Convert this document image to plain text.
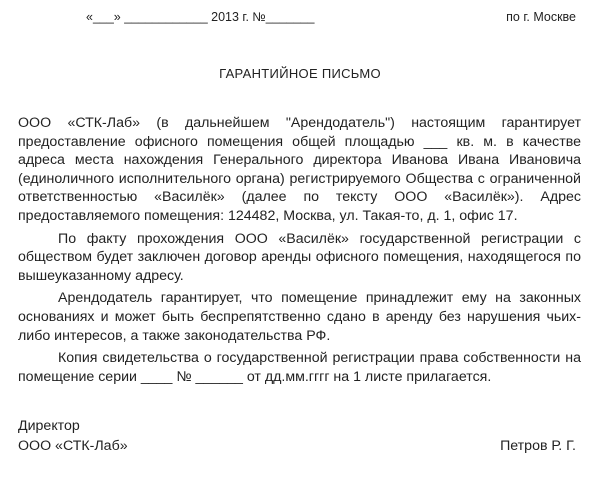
«___» ____________ 2013 г. №_______	по г. Москве
ГАРАНТИЙНОЕ ПИСЬМО

ООО «СТК-Лаб» (в дальнейшем "Арендодатель") настоящим гарантирует предоставление офисного помещения общей площадью ___ кв. м. в качестве адреса места нахождения Генерального директора Иванова Ивана Ивановича (единоличного исполнительного органа) регистрируемого Общества с ограниченной ответственностью «Василёк» (далее по тексту ООО «Василёк»). Адрес предоставляемого помещения: 124482, Москва, ул. Такая-то, д. 1, офис 17.

По факту прохождения ООО «Василёк» государственной регистрации с обществом будет заключен договор аренды офисного помещения, находящегося по вышеуказанному адресу.

Арендодатель гарантирует, что помещение принадлежит ему на законных основаниях и может быть беспрепятственно сдано в аренду без нарушения чьих-либо интересов, а также законодательства РФ.

Копия свидетельства о государственной регистрации права собственности на помещение серии ____ № ______ от дд.мм.гггг на 1 листе прилагается.

Директор
ООО «СТК-Лаб»	Петров Р. Г.
